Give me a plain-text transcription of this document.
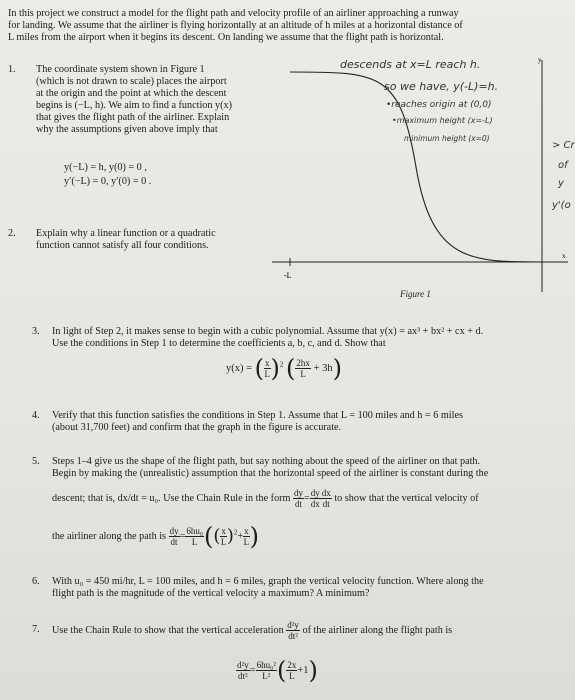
In this project we construct a model for the flight path and velocity profile of an airliner approaching a runway
for landing. We assume that the airliner is flying horizontally at an altitude of h miles at a horizontal distance of
L miles from the airport when it begins its descent. On landing we assume that the flight path is horizontal.
1. The coordinate system shown in Figure 1
(which is not drawn to scale) places the airport
at the origin and the point at which the descent
begins is (−L, h). We aim to find a function y(x)
that gives the flight path of the airliner. Explain
why the assumptions given above imply that
y(−L) = h, y(0) = 0 ,
y′(−L) = 0, y′(0) = 0 .
2. Explain why a linear function or a quadratic
function cannot satisfy all four conditions.
-L
y
x
Figure 1
descends at x=L reach h.
so we have, y(-L)=h.
•reaches origin at (0,0)
•maximum height (x=-L)
minimum height (x=0)
> Cr
of
y
y'(o
3. In light of Step 2, it makes sense to begin with a cubic polynomial. Assume that y(x) = ax³ + bx² + cx + d.
Use the conditions in Step 1 to determine the coefficients a, b, c, and d. Show that
y(x) = ( $\frac{x}{L} )^2$ ( $\frac{2hx}{L} + 3h$)
4. Verify that this function satisfies the conditions in Step 1. Assume that L = 100 miles and h = 6 miles
(about 31,700 feet) and confirm that the graph in the figure is accurate.
5. Steps 1–4 give us the shape of the flight path, but say nothing about the speed of the airliner on that path.
Begin by making the (unrealistic) assumption that the horizontal speed of the airliner is constant during the
descent; that is, dx/dt = u₀. Use the Chain Rule in the form $\frac{dy}{dt} = \frac{dy}{dx} \frac{dx}{dt}$ to show that the vertical velocity of
the airliner along the path is $\frac{dy}{dt} = \frac{\text{6hu₀}}{L}$ (( $\frac{x}{L} )^2+ \frac{x}{L}$ )
6. With u₀ = 450 mi/hr, L = 100 miles, and h = 6 miles, graph the vertical velocity function. Where along the
flight path is the magnitude of the vertical velocity a maximum? A minimum?
7. Use the Chain Rule to show that the vertical acceleration $\frac{\text{d²y}}{\text{dt²}}$ of the airliner along the flight path is
$\frac{\text{d²y}}{\text{dt²}} = \frac{\text{6hu₀²}}{\text{L²}}$ ( $\frac{2x}{L} +1$)
